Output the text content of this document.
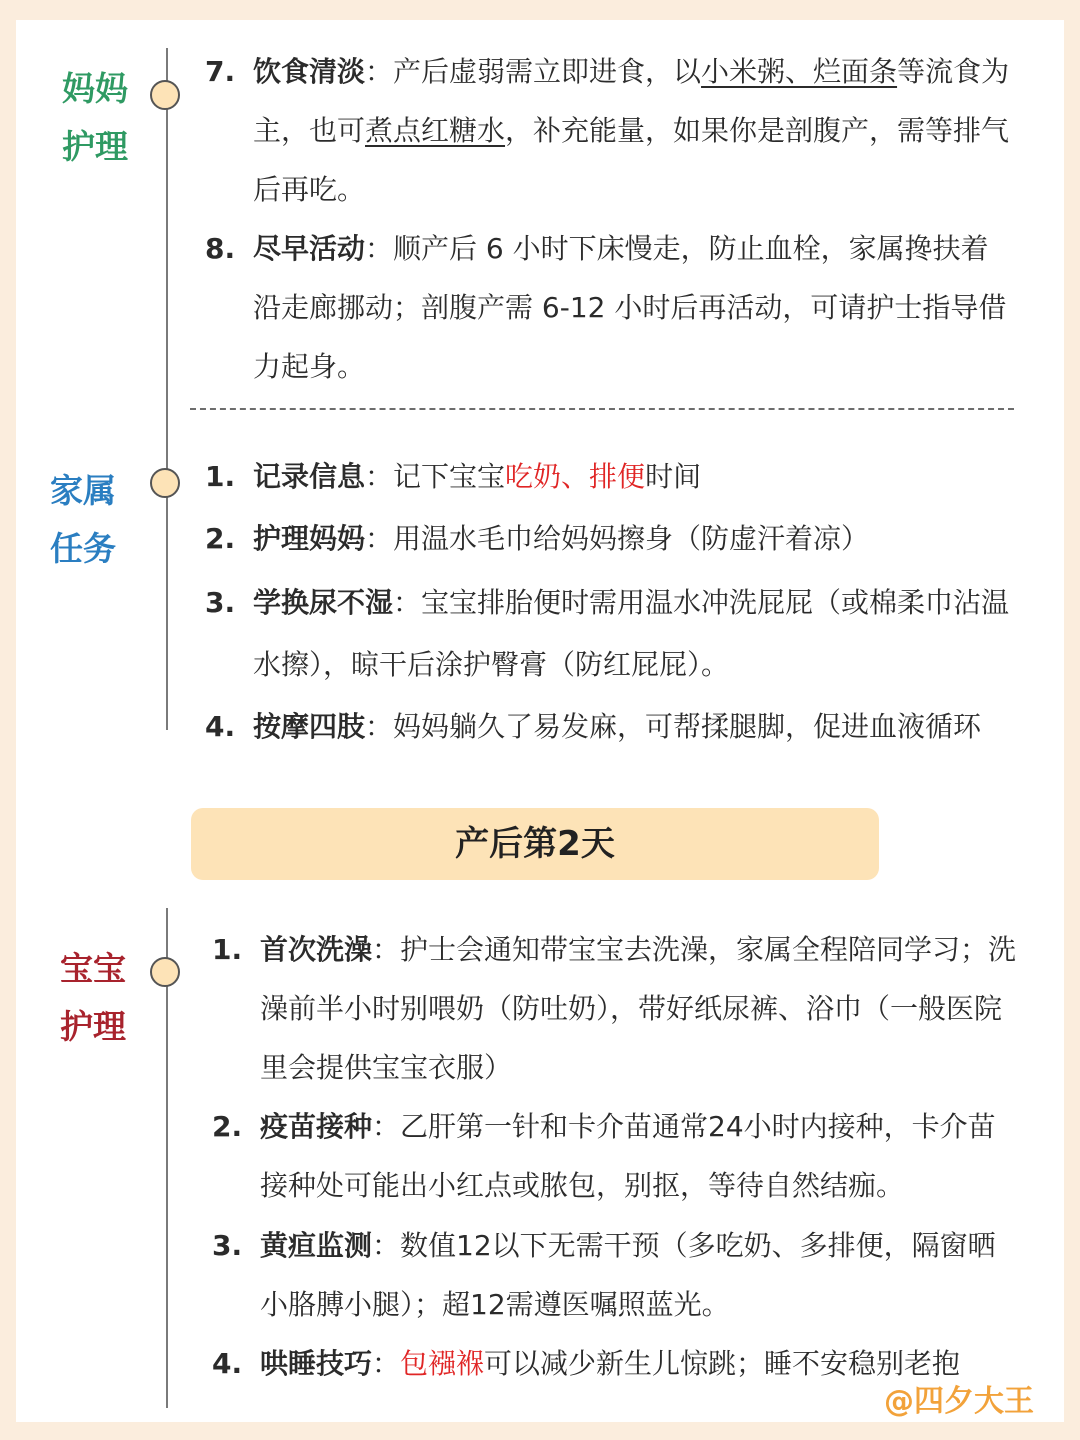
妈妈
护理
家属
任务
宝宝
护理
7. 饮食清淡：产后虚弱需立即进食，以小米粥、烂面条等流食为主，也可煮点红糖水，补充能量，如果你是剖腹产，需等排气后再吃。
8. 尽早活动：顺产后 6 小时下床慢走，防止血栓，家属搀扶着沿走廊挪动；剖腹产需 6-12 小时后再活动，可请护士指导借力起身。
1. 记录信息：记下宝宝吃奶、排便时间
2. 护理妈妈：用温水毛巾给妈妈擦身（防虚汗着凉）
3. 学换尿不湿：宝宝排胎便时需用温水冲洗屁屁（或棉柔巾沾温水擦），晾干后涂护臀膏（防红屁屁）。
4. 按摩四肢：妈妈躺久了易发麻，可帮揉腿脚，促进血液循环
产后第2天
1. 首次洗澡：护士会通知带宝宝去洗澡，家属全程陪同学习；洗澡前半小时别喂奶（防吐奶），带好纸尿裤、浴巾（一般医院里会提供宝宝衣服）
2. 疫苗接种：乙肝第一针和卡介苗通常24小时内接种，卡介苗接种处可能出小红点或脓包，别抠，等待自然结痂。
3. 黄疸监测：数值12以下无需干预（多吃奶、多排便，隔窗晒小胳膊小腿）；超12需遵医嘱照蓝光。
4. 哄睡技巧：包襁褓可以减少新生儿惊跳；睡不安稳别老抱
@四夕大王
